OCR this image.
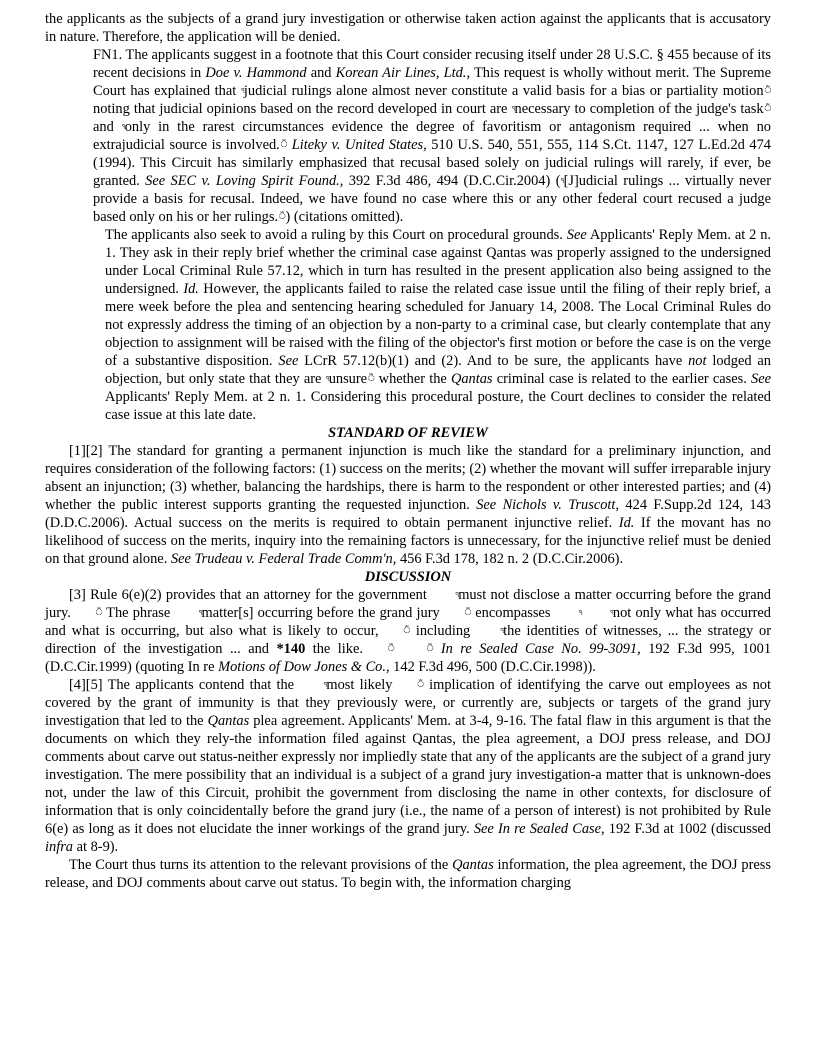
the applicants as the subjects of a grand jury investigation or otherwise taken action against the applicants that is accusatory in nature. Therefore, the application will be denied.

FN1. The applicants suggest in a footnote that this Court consider recusing itself under 28 U.S.C. § 455 because of its recent decisions in Doe v. Hammond and Korean Air Lines, Ltd., This request is wholly without merit. The Supreme Court has explained that ঀjudicial rulings alone almost never constitute a valid basis for a bias or partiality motionঁ noting that judicial opinions based on the record developed in court are ঀnecessary to completion of the judge's taskঁ and ঀonly in the rarest circumstances evidence the degree of favoritism or antagonism required ... when no extrajudicial source is involved.ঁ Liteky v. United States, 510 U.S. 540, 551, 555, 114 S.Ct. 1147, 127 L.Ed.2d 474 (1994). This Circuit has similarly emphasized that recusal based solely on judicial rulings will rarely, if ever, be granted. See SEC v. Loving Spirit Found., 392 F.3d 486, 494 (D.C.Cir.2004) (ঀ[J]udicial rulings ... virtually never provide a basis for recusal. Indeed, we have found no case where this or any other federal court recused a judge based only on his or her rulings.ঁ) (citations omitted).

The applicants also seek to avoid a ruling by this Court on procedural grounds. See Applicants' Reply Mem. at 2 n. 1. They ask in their reply brief whether the criminal case against Qantas was properly assigned to the undersigned under Local Criminal Rule 57.12, which in turn has resulted in the present application also being assigned to the undersigned. Id. However, the applicants failed to raise the related case issue until the filing of their reply brief, a mere week before the plea and sentencing hearing scheduled for January 14, 2008. The Local Criminal Rules do not expressly address the timing of an objection by a non-party to a criminal case, but clearly contemplate that any objection to assignment will be raised with the filing of the objector's first motion or before the case is on the verge of a substantive disposition. See LCrR 57.12(b)(1) and (2). And to be sure, the applicants have not lodged an objection, but only state that they are ঀunsureঁ whether the Qantas criminal case is related to the earlier cases. See Applicants' Reply Mem. at 2 n. 1. Considering this procedural posture, the Court declines to consider the related case issue at this late date.

STANDARD OF REVIEW

[1][2] The standard for granting a permanent injunction is much like the standard for a preliminary injunction, and requires consideration of the following factors: (1) success on the merits; (2) whether the movant will suffer irreparable injury absent an injunction; (3) whether, balancing the hardships, there is harm to the respondent or other interested parties; and (4) whether the public interest supports granting the requested injunction. See Nichols v. Truscott, 424 F.Supp.2d 124, 143 (D.D.C.2006). Actual success on the merits is required to obtain permanent injunctive relief. Id. If the movant has no likelihood of success on the merits, inquiry into the remaining factors is unnecessary, for the injunctive relief must be denied on that ground alone. See Trudeau v. Federal Trade Comm'n, 456 F.3d 178, 182 n. 2 (D.C.Cir.2006).

DISCUSSION

[3] Rule 6(e)(2) provides that an attorney for the government	ঀmust not disclose a matter occurring before the grand jury.	ঁ The phrase	ঀmatter[s] occurring before the grand jury	ঁ encompasses	ঀ	ঀnot only what has occurred and what is occurring, but also what is likely to occur,	ঁ including	ঀthe identities of witnesses, ... the strategy or direction of the investigation ... and *140 the like.	ঁ	ঁ In re Sealed Case No. 99-3091, 192 F.3d 995, 1001 (D.C.Cir.1999) (quoting In re Motions of Dow Jones & Co., 142 F.3d 496, 500 (D.C.Cir.1998)).

[4][5] The applicants contend that the	ঀmost likely	ঁ implication of identifying the carve out employees as not covered by the grant of immunity is that they previously were, or currently are, subjects or targets of the grand jury investigation that led to the Qantas plea agreement. Applicants' Mem. at 3-4, 9-16. The fatal flaw in this argument is that the documents on which they rely-the information filed against Qantas, the plea agreement, a DOJ press release, and DOJ comments about carve out status-neither expressly nor impliedly state that any of the applicants are the subject of a grand jury investigation. The mere possibility that an individual is a subject of a grand jury investigation-a matter that is unknown-does not, under the law of this Circuit, prohibit the government from disclosing the name in other contexts, for disclosure of information that is only coincidentally before the grand jury (i.e., the name of a person of interest) is not prohibited by Rule 6(e) as long as it does not elucidate the inner workings of the grand jury. See In re Sealed Case, 192 F.3d at 1002 (discussed infra at 8-9).

The Court thus turns its attention to the relevant provisions of the Qantas information, the plea agreement, the DOJ press release, and DOJ comments about carve out status. To begin with, the information charging
